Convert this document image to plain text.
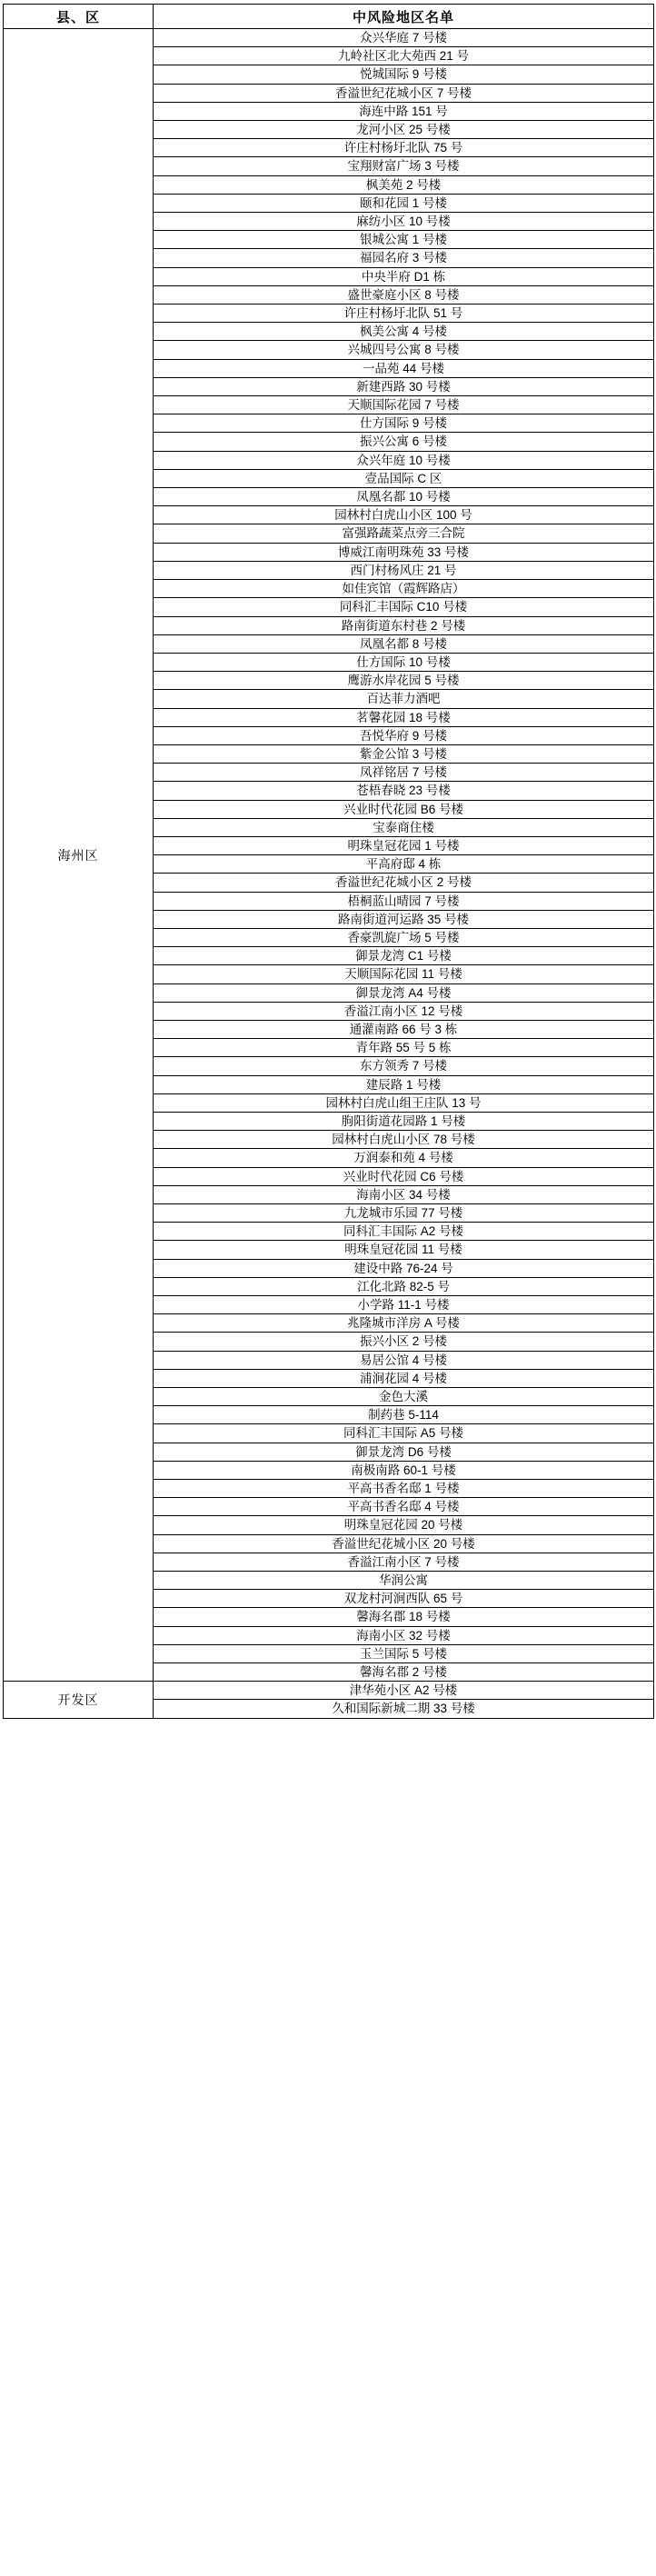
县、区	中风险地区名单
海州区	众兴华庭 7 号楼
	九岭社区北大苑西 21 号
	悦城国际 9 号楼
	香溢世纪花城小区 7 号楼
	海连中路 151 号
	龙河小区 25 号楼
	许庄村杨圩北队 75 号
	宝翔财富广场 3 号楼
	枫美苑 2 号楼
	颐和花园 1 号楼
	麻纺小区 10 号楼
	银城公寓 1 号楼
	福园名府 3 号楼
	中央半府 D1 栋
	盛世豪庭小区 8 号楼
	许庄村杨圩北队 51 号
	枫美公寓 4 号楼
	兴城四号公寓 8 号楼
	一品苑 44 号楼
	新建西路 30 号楼
	天顺国际花园 7 号楼
	仕方国际 9 号楼
	振兴公寓 6 号楼
	众兴年庭 10 号楼
	壹品国际 C 区
	凤凰名都 10 号楼
	园林村白虎山小区 100 号
	富强路蔬菜点旁三合院
	博威江南明珠苑 33 号楼
	西门村杨风庄 21 号
	如佳宾馆（霞辉路店）
	同科汇丰国际 C10 号楼
	路南街道东村巷 2 号楼
	凤凰名都 8 号楼
	仕方国际 10 号楼
	鹰游水岸花园 5 号楼
	百达菲力酒吧
	茗馨花园 18 号楼
	吾悦华府 9 号楼
	紫金公馆 3 号楼
	凤祥铭居 7 号楼
	苍梧春晓 23 号楼
	兴业时代花园 B6 号楼
	宝泰商住楼
	明珠皇冠花园 1 号楼
	平高府邸 4 栋
	香溢世纪花城小区 2 号楼
	梧桐蓝山晴园 7 号楼
	路南街道河运路 35 号楼
	香豪凯旋广场 5 号楼
	御景龙湾 C1 号楼
	天顺国际花园 11 号楼
	御景龙湾 A4 号楼
	香溢江南小区 12 号楼
	通灌南路 66 号 3 栋
	青年路 55 号 5 栋
	东方领秀 7 号楼
	建辰路 1 号楼
	园林村白虎山组王庄队 13 号
	朐阳街道花园路 1 号楼
	园林村白虎山小区 78 号楼
	万润泰和苑 4 号楼
	兴业时代花园 C6 号楼
	海南小区 34 号楼
	九龙城市乐园 77 号楼
	同科汇丰国际 A2 号楼
	明珠皇冠花园 11 号楼
	建设中路 76-24 号
	江化北路 82-5 号
	小学路 11-1 号楼
	兆隆城市洋房 A 号楼
	振兴小区 2 号楼
	易居公馆 4 号楼
	浦涧花园 4 号楼
	金色大溪
	制药巷 5-114
	同科汇丰国际 A5 号楼
	御景龙湾 D6 号楼
	南极南路 60-1 号楼
	平高书香名邸 1 号楼
	平高书香名邸 4 号楼
	明珠皇冠花园 20 号楼
	香溢世纪花城小区 20 号楼
	香溢江南小区 7 号楼
	华润公寓
	双龙村河涧西队 65 号
	馨海名郡 18 号楼
	海南小区 32 号楼
	玉兰国际 5 号楼
	馨海名郡 2 号楼
开发区	津华苑小区 A2 号楼
	久和国际新城二期 33 号楼
